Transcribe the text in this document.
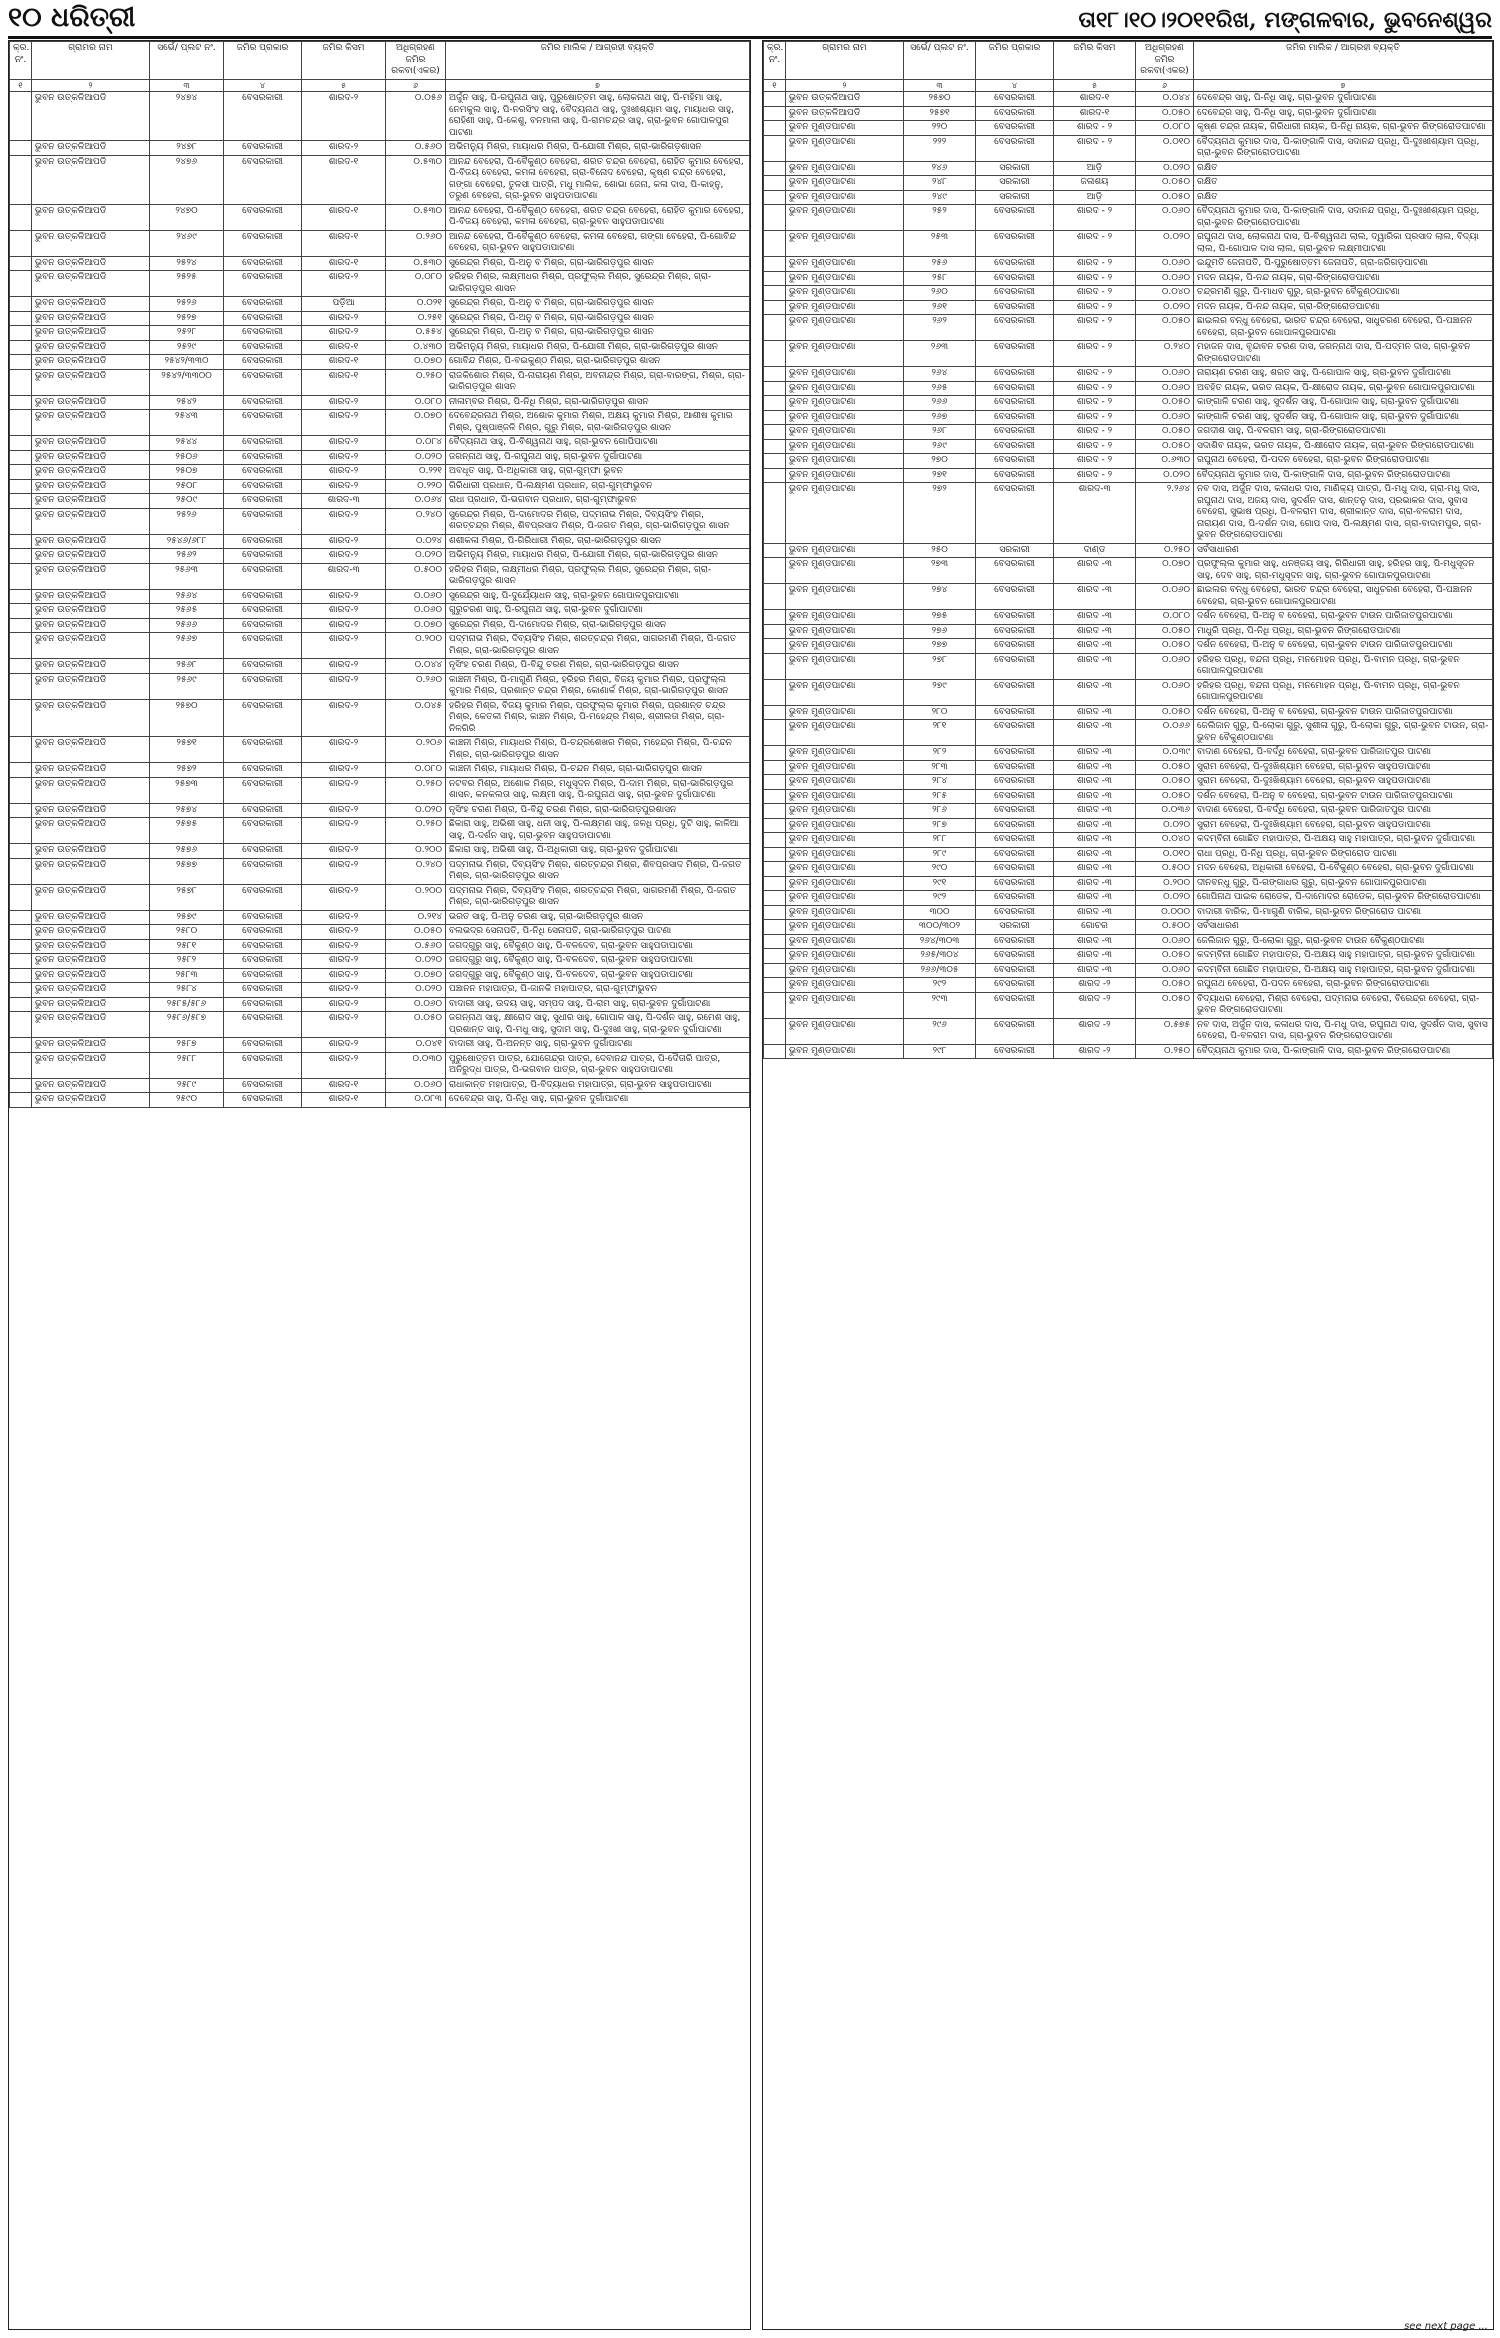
୧୦ ଧରିତ୍ରୀ	ତା୧୮।୧୦।୨୦୧୧ରିଖ, ମଙ୍ଗଳବାର, ଭୁବନେଶ୍ୱର
କ୍ର. ନଂ.	ଗ୍ରାମର ନାମ	ସର୍ଭେ/ ପ୍ଲଟ ନଂ.	ଜମିର ପ୍ରକାର	ଜମିର କିସମ	ଅଧିଗ୍ରହଣ ଜମିର ରକବା(ଏକର)	ଜମିର ମାଲିକ / ଆଗ୍ରହୀ ବ୍ୟକ୍ତି
୧	୨	୩	୪	୫	୬	୭
	ଭୁବନ ଉତ୍କଳିଆପଡି	୨୪୭୪	ବେସରକାରୀ	ଶାରଦ-୨	୦.୦୫୬	ଅର୍ଜୁନ ସାହୁ, ପି-ରଘୁନାଥ ସାହୁ, ପୁରୁଷୋତ୍ତମ ସାହୁ, ଲୋକନାଥ ସାହୁ, ପି-ମହିମା ସାହୁ, ନେମକୁଲ ସାହୁ, ପି-ନରସିଂହ ସାହୁ, ବୈଦ୍ୟନାଥ ସାହୁ, ଦୁଃଖୀଶ୍ୟାମ ସାହୁ, ମାୟାଧର ସାହୁ, ରୋହିଣୀ ସାହୁ, ପି-କେଶୁ, ବନମାଳୀ ସାହୁ, ପି-ରାମଚନ୍ଦ୍ର ସାହୁ, ଗ୍ରା-ଭୁବନ ଗୋପାଳପୁର ପାଟଣା
	ଭୁବନ ଉତ୍କଳିଆପଡି	୨୪୭୮	ବେସରକାରୀ	ଶାରଦ-୨	୦.୫୬୦	ଅଭିମନ୍ୟୁ ମିଶ୍ର, ମାୟାଧର ମିଶ୍ର, ପି-ଯୋଗୀ ମିଶ୍ର, ଗ୍ରା-ଭାରିଗଡ଼ଶାସନ
	ଭୁବନ ଉତ୍କଳିଆପଡି	୨୪୭୬	ବେସରକାରୀ	ଶାରଦ-୧	୦.୫୩୦	ଆନନ୍ଦ ବେହେରା, ପି-ବୈକୁଣ୍ଠ ବେହେରା, ଶରତ ଚନ୍ଦ୍ର ବେହେରା, ରୋହିତ କୁମାର ବେହେରା, ପି-ବିଜୟ ବେହେରା, କମଳା ବେହେରା, ଗ୍ରା-ବିନୋଦ ବେହେରା, କୃଷ୍ଣ ଚନ୍ଦ୍ର ବେହେରା, ଗଙ୍ଗା ବେହେରା, ତୁଳସୀ ପାତ୍ରି, ମଧୁ ମାଲିକ, ଶୋଭା ଜେନା, କଳା ଦାସ, ପି-କାହ୍ନୁ, ତରୁଣ ବେହେରା, ଗ୍ରା-ଭୁବନ ସାହୁପଡାପାଟଣା
	ଭୁବନ ଉତ୍କଳିଆପଡି	୨୪୭୦	ବେସରକାରୀ	ଶାରଦ-୧	୦.୫୩୦	ଆନନ୍ଦ ବେହେରା, ପି-ବୈକୁଣ୍ଠ ବେହେରା, ଶରତ ଚନ୍ଦ୍ର ବେହେରା, ରୋହିତ କୁମାର ବେହେରା, ପି-ବିଜୟ ବେହେରା, କମଳା ବେହେରା, ଗ୍ରା-ଭୁବନ ସାହୁପଡାପାଟଣା
	ଭୁବନ ଉତ୍କଳିଆପଡି	୨୪୬୯	ବେସରକାରୀ	ଶାରଦ-୧	୦.୨୬୦	ଆନନ୍ଦ ବେହେରା, ପି-ବୈକୁଣ୍ଠ ବେହେରା, କମଳା ବେହେରା, ଗଙ୍ଗା ବେହେରା, ପି-ଗୋବିନ୍ଦ ବେହେରା, ଗ୍ରା-ଭୁବନ ସାହୁପଡାପାଟଣା
	ଭୁବନ ଉତ୍କଳିଆପଡି	୨୫୨୪	ବେସରକାରୀ	ଶାରଦ-୧	୦.୫୩୦	ସୁରେନ୍ଦ୍ର ମିଶ୍ର, ପି-ଅନୁ ବ ମିଶ୍ର, ଗ୍ରା-ଭାରିଗଡ଼ପୁର ଶାସନ
	ଭୁବନ ଉତ୍କଳିଆପଡି	୨୫୨୫	ବେସରକାରୀ	ଶାରଦ-୨	୦.୦୮୦	ହରିହର ମିଶ୍ର, ଲକ୍ଷ୍ମୀଧର ମିଶ୍ର, ପ୍ରଫୁଲ୍ଲ ମିଶ୍ର, ସୁରେନ୍ଦ୍ର ମିଶ୍ର, ଗ୍ରା-ଭାରିଗଡ଼ପୁର ଶାସନ
	ଭୁବନ ଉତ୍କଳିଆପଡି	୨୫୨୬	ବେସରକାରୀ	ପଡ଼ିଆ	୦.୦୨୧	ସୁରେନ୍ଦ୍ର ମିଶ୍ର, ପି-ଅନୁ ବ ମିଶ୍ର, ଗ୍ରା-ଭାରିଗଡ଼ପୁର ଶାସନ
	ଭୁବନ ଉତ୍କଳିଆପଡି	୨୫୨୭	ବେସରକାରୀ	ଶାରଦ-୨	୦.୨୫୧	ସୁରେନ୍ଦ୍ର ମିଶ୍ର, ପି-ଅନୁ ବ ମିଶ୍ର, ଗ୍ରା-ଭାରିଗଡ଼ପୁର ଶାସନ
	ଭୁବନ ଉତ୍କଳିଆପଡି	୨୫୨୮	ବେସରକାରୀ	ଶାରଦ-୨	୦.୫୫୪	ସୁରେନ୍ଦ୍ର ମିଶ୍ର, ପି-ଅନୁ ବ ମିଶ୍ର, ଗ୍ରା-ଭାରିଗଡ଼ପୁର ଶାସନ
	ଭୁବନ ଉତ୍କଳିଆପଡି	୨୫୨୯	ବେସରକାରୀ	ଶାରଦ-୧	୦.୪୩୦	ଅଭିମନ୍ୟୁ ମିଶ୍ର, ମାୟାଧର ମିଶ୍ର, ପି-ଯୋଗୀ ମିଶ୍ର, ଗ୍ରା-ଭାରିଗଡ଼ପୁର ଶାସନ
	ଭୁବନ ଉତ୍କଳିଆପଡି	୨୫୪୨/୩୩୦	ବେସରକାରୀ	ଶାରଦ-୧	୦.୦୭୦	ଗୋବିନ୍ଦ ମିଶ୍ର, ପି-ବଇକୁଣ୍ଠ ମିଶ୍ର, ଗ୍ରା-ଭାରିଗଡ଼ପୁର ଶାସନ
	ଭୁବନ ଉତ୍କଳିଆପଡି	୨୫୪୨/୩୩୦୦	ବେସରକାରୀ	ଶାରଦ-୧	୦.୨୫୦	ରାଜକିଶୋର ମିଶ୍ର, ପି-ନାରାୟଣ ମିଶ୍ର, ଅବନୀନ୍ଦ୍ର ମିଶ୍ର, ଗ୍ରା-ବାରଙ୍ଗ, ମିଶ୍ର, ଗ୍ରା-ଭାରିଗଡ଼ପୁର ଶାସନ
	ଭୁବନ ଉତ୍କଳିଆପଡି	୨୫୪୨	ବେସରକାରୀ	ଶାରଦ-୨	୦.୦୮୦	ନୀଳାମ୍ବର ମିଶ୍ର, ପି-ନିଧି ମିଶ୍ର, ଗ୍ରା-ଭାରିଗଡ଼ପୁର ଶାସନ
	ଭୁବନ ଉତ୍କଳିଆପଡି	୨୫୪୩	ବେସରକାରୀ	ଶାରଦ-୨	୦.୦୭୦	ଦେବେନ୍ଦ୍ରନାଥ ମିଶ୍ର, ଅଶୋକ କୁମାର ମିଶ୍ର, ଅକ୍ଷୟ କୁମାର ମିଶ୍ର, ଆଶୀଷ କୁମାର ମିଶ୍ର, ପୁଷ୍ପାଞ୍ଜଳି ମିଶ୍ର, ଗୁରୁ ମିଶ୍ର, ଗ୍ରା-ଭାରିଗଡ଼ପୁର ଶାସନ
	ଭୁବନ ଉତ୍କଳିଆପଡି	୨୫୪୪	ବେସରକାରୀ	ଶାରଦ-୨	୦.୦୮୪	ବୈଦ୍ୟନାଥ ସାହୁ, ପି-ବିଶ୍ୱନାଥ ସାହୁ, ଗ୍ରା-ଭୁବନ ଗୋପିପାଟଣା
	ଭୁବନ ଉତ୍କଳିଆପଡି	୨୫୦୬	ବେସରକାରୀ	ଶାରଦ-୨	୦.୦୨୦	ଜଗନ୍ନାଥ ସାହୁ, ପି-ରଘୁନାଥ ସାହୁ, ଗ୍ରା-ଭୁବନ ଦୁର୍ଗାପାଟଣା
	ଭୁବନ ଉତ୍କଳିଆପଡି	୨୫୦୭	ବେସରକାରୀ	ଶାରଦ-୨	୦.୨୨୧	ଅବଧୂତ ସାହୁ, ପି-ଅଧିକାରୀ ସାହୁ, ଗ୍ରା-ଗୁମ୍ଫା ଭୁବନ
	ଭୁବନ ଉତ୍କଳିଆପଡି	୨୫୦୮	ବେସରକାରୀ	ଶାରଦ-୨	୦.୨୨୦	ଗିରିଧାରୀ ପ୍ରଧାନ, ପି-ଲକ୍ଷ୍ମଣ ପ୍ରଧାନ, ଗ୍ରା-ଗୁମ୍ଫାଭୁବନ
	ଭୁବନ ଉତ୍କଳିଆପଡି	୨୫୦୯	ବେସରକାରୀ	ଶାରଦ-୩	୦.୦୬୪	ରାଧା ପ୍ରଧାନ, ପି-ଭଗବାନ ପ୍ରଧାନ, ଗ୍ରା-ଗୁମ୍ଫାଭୁବନ
	ଭୁବନ ଉତ୍କଳିଆପଡି	୨୫୨୬	ବେସରକାରୀ	ଶାରଦ-୨	୦.୨୪୦	ସୁରେନ୍ଦ୍ର ମିଶ୍ର, ପି-ଦାମୋଦର ମିଶ୍ର, ପଦ୍ମନାଭ ମିଶ୍ର, ଦିବ୍ୟସିଂହ ମିଶ୍ର, ଶରତ୍ଚନ୍ଦ୍ର ମିଶ୍ର, ଶିବପ୍ରସାଦ ମିଶ୍ର, ପି-ଜଗତ ମିଶ୍ର, ଗ୍ରା-ଭାରିଗଡ଼ପୁର ଶାସନ
	ଭୁବନ ଉତ୍କଳିଆପଡି	୨୫୪୬/୬୮୮	ବେସରକାରୀ	ଶାରଦ-୨	୦.୦୨୪	ଶଶୀକଳା ମିଶ୍ର, ପି-ଗିରିଧାରୀ ମିଶ୍ର, ଗ୍ରା-ଭାରିଗଡ଼ପୁର ଶାସନ
	ଭୁବନ ଉତ୍କଳିଆପଡି	୨୫୬୨	ବେସରକାରୀ	ଶାରଦ-୨	୦.୦୨୦	ଅଭିମନ୍ୟୁ ମିଶ୍ର, ମାୟାଧର ମିଶ୍ର, ପି-ଯୋଗୀ ମିଶ୍ର, ଗ୍ରା-ଭାରିଗଡ଼ପୁର ଶାସନ
	ଭୁବନ ଉତ୍କଳିଆପଡି	୨୫୬୩	ବେସରକାରୀ	ଶାରଦ-୩	୦.୫୦୦	ହରିହର ମିଶ୍ର, ଲକ୍ଷ୍ମୀଧର ମିଶ୍ର, ପ୍ରଫୁଲ୍ଲ ମିଶ୍ର, ସୁରେନ୍ଦ୍ର ମିଶ୍ର, ଗ୍ରା-ଭାରିଗଡ଼ପୁର ଶାସନ
	ଭୁବନ ଉତ୍କଳିଆପଡି	୨୫୬୪	ବେସରକାରୀ	ଶାରଦ-୨	୦.୦୬୦	ସୁରେନ୍ଦ୍ର ସାହୁ, ପି-ଦୁର୍ଯ୍ୟୋଧନ ସାହୁ, ଗ୍ରା-ଭୁବନ ଗୋପାଳପୁରପାଟଣା
	ଭୁବନ ଉତ୍କଳିଆପଡି	୨୫୬୫	ବେସରକାରୀ	ଶାରଦ-୨	୦.୦୬୦	ଗୁରୁଚରଣ ସାହୁ, ପି-ରଘୁନାଥ ସାହୁ, ଗ୍ରା-ଭୁବନ ଦୁର୍ଗାପାଟଣା
	ଭୁବନ ଉତ୍କଳିଆପଡି	୨୫୬୬	ବେସରକାରୀ	ଶାରଦ-୨	୦.୦୭୦	ସୁରେନ୍ଦ୍ର ମିଶ୍ର, ପି-ଦାମୋଦର ମିଶ୍ର, ଗ୍ରା-ଭାରିଗଡ଼ପୁର ଶାସନ
	ଭୁବନ ଉତ୍କଳିଆପଡି	୨୫୬୭	ବେସରକାରୀ	ଶାରଦ-୨	୦.୨୦୦	ପଦ୍ମନାଭ ମିଶ୍ର, ଦିବ୍ୟସିଂହ ମିଶ୍ର, ଶରତ୍ଚନ୍ଦ୍ର ମିଶ୍ର, ସାଗରମଣି ମିଶ୍ର, ପି-ଜଗତ ମିଶ୍ର, ଗ୍ରା-ଭାରିଗଡ଼ପୁର ଶାସନ
	ଭୁବନ ଉତ୍କଳିଆପଡି	୨୫୬୮	ବେସରକାରୀ	ଶାରଦ-୨	୦.୦୪୪	ନୃସିଂହ ଚରଣ ମିଶ୍ର, ପି-ବିନ୍ଦୁ ଚରଣ ମିଶ୍ର, ଗ୍ରା-ଭାରିଗଡ଼ପୁର ଶାସନ
	ଭୁବନ ଉତ୍କଳିଆପଡି	୨୫୬୯	ବେସରକାରୀ	ଶାରଦ-୨	୦.୨୬୦	କାଞ୍ଚନୀ ମିଶ୍ର, ପି-ମାଗୁଣି ମିଶ୍ର, ହରିହର ମିଶ୍ର, ବିଜୟ କୁମାର ମିଶ୍ର, ପ୍ରଫୁଲ୍ଲ କୁମାର ମିଶ୍ର, ପ୍ରଶାନ୍ତ ଚନ୍ଦ୍ର ମିଶ୍ର, କୋଣାର୍କ ମିଶ୍ର, ଗ୍ରା-ଭାରିଗଡ଼ପୁର ଶାସନ
	ଭୁବନ ଉତ୍କଳିଆପଡି	୨୫୭୦	ବେସରକାରୀ	ଶାରଦ-୨	୦.୦୪୫	ହରିହର ମିଶ୍ର, ବିଜୟ କୁମାର ମିଶ୍ର, ପ୍ରଫୁଲ୍ଲ କୁମାର ମିଶ୍ର, ପ୍ରଶାନ୍ତ ଚନ୍ଦ୍ର ମିଶ୍ର, କେତକୀ ମିଶ୍ର, କାଞ୍ଚନ ମିଶ୍ର, ପି-ମହେନ୍ଦ୍ର ମିଶ୍ର, ଶ୍ରୀଲତା ମିଶ୍ର, ଗ୍ରା-ନିଳଗିରି
	ଭୁବନ ଉତ୍କଳିଆପଡି	୨୫୭୧	ବେସରକାରୀ	ଶାରଦ-୨	୦.୨୦୬	କାଞ୍ଚନୀ ମିଶ୍ର, ମାୟାଧର ମିଶ୍ର, ପି-ଚନ୍ଦ୍ରଶେଖର ମିଶ୍ର, ମହେନ୍ଦ୍ର ମିଶ୍ର, ପି-ଚନ୍ଦନ ମିଶ୍ର, ଗ୍ରା-ଭାରିଗଡ଼ପୁର ଶାସନ
	ଭୁବନ ଉତ୍କଳିଆପଡି	୨୫୭୨	ବେସରକାରୀ	ଶାରଦ-୨	୦.୦୮୦	କାଞ୍ଚନୀ ମିଶ୍ର, ମାୟାଧର ମିଶ୍ର, ପି-ଚନ୍ଦନ ମିଶ୍ର, ଗ୍ରା-ଭାରିଗଡ଼ପୁର ଶାସନ
	ଭୁବନ ଉତ୍କଳିଆପଡି	୨୫୭୩	ବେସରକାରୀ	ଶାରଦ-୨	୦.୨୫୦	ନଟବର ମିଶ୍ର, ଅଶୋକ ମିଶ୍ର, ମଧୁସୂଦନ ମିଶ୍ର, ପି-ଦାମ ମିଶ୍ର, ଗ୍ରା-ଭାରିଗଡ଼ପୁର ଶାସନ, କନକଲତା ସାହୁ, ଲକ୍ଷ୍ମୀ ସାହୁ, ପି-ରଘୁନାଥ ସାହୁ, ଗ୍ରା-ଭୁବନ ଦୁର୍ଗାପାଟଣା
	ଭୁବନ ଉତ୍କଳିଆପଡି	୨୫୭୪	ବେସରକାରୀ	ଶାରଦ-୨	୦.୦୨୦	ନୃସିଂହ ଚରଣ ମିଶ୍ର, ପି-ବିନ୍ଦୁ ଚରଣ ମିଶ୍ର, ଗ୍ରା-ଭାରିଗଡ଼ପୁରଶାସନ
	ଭୁବନ ଉତ୍କଳିଆପଡି	୨୫୭୫	ବେସରକାରୀ	ଶାରଦ-୨	୦.୨୫୦	ଛିକାରା ସାହୁ, ଅଭିଶୀ ସାହୁ, ଧନୀ ସାହୁ, ପି-ଲକ୍ଷ୍ମଣ ସାହୁ, ଜଳଧି ପ୍ରଧି, ଦୁଟି ସାହୁ, କାଳିଆ ସାହୁ, ପି-ଦର୍ଶନ ସାହୁ, ଗ୍ରା-ଭୁବନ ସାହୁପଡାପାଟଣା
	ଭୁବନ ଉତ୍କଳିଆପଡି	୨୫୭୬	ବେସରକାରୀ	ଶାରଦ-୨	୦.୨୦୦	ଛିକାରା ସାହୁ, ଅଭିଶୀ ସାହୁ, ପି-ଅଧିକାରୀ ସାହୁ, ଗ୍ରା-ଭୁବନ ଦୁର୍ଗାପାଟଣା
	ଭୁବନ ଉତ୍କଳିଆପଡି	୨୫୭୭	ବେସରକାରୀ	ଶାରଦ-୨	୦.୨୪୦	ପଦ୍ମନାଭ ମିଶ୍ର, ଦିବ୍ୟସିଂହ ମିଶ୍ର, ଶରତ୍ଚନ୍ଦ୍ର ମିଶ୍ର, ଶିବପ୍ରସାଦ ମିଶ୍ର, ପି-ଜଗତ ମିଶ୍ର, ଗ୍ରା-ଭାରିଗଡ଼ପୁର ଶାସନ
	ଭୁବନ ଉତ୍କଳିଆପଡି	୨୫୭୮	ବେସରକାରୀ	ଶାରଦ-୨	୦.୨୦୦	ପଦ୍ମନାଭ ମିଶ୍ର, ଦିବ୍ୟସିଂହ ମିଶ୍ର, ଶରତ୍ଚନ୍ଦ୍ର ମିଶ୍ର, ସାଗରମଣି ମିଶ୍ର, ପି-ଜଗତ ମିଶ୍ର, ଗ୍ରା-ଭାରିଗଡ଼ପୁର ଶାସନ
	ଭୁବନ ଉତ୍କଳିଆପଡି	୨୫୭୯	ବେସରକାରୀ	ଶାରଦ-୨	୦.୨୧୪	ଭରତ ସାହୁ, ପି-ଅନୁ ଚରଣ ସାହୁ, ଗ୍ରା-ଭାରିଗଡ଼ପୁର ଶାସନ
	ଭୁବନ ଉତ୍କଳିଆପଡି	୨୫୮୦	ବେସରକାରୀ	ଶାରଦ-୨	୦.୦୫୦	ବଲଭଦ୍ର ସେନାପତି, ପି-ନିଧି ସେନାପତି, ଗ୍ରା-ଭାରିଗଡ଼ପୁର ପାଟଣା
	ଭୁବନ ଉତ୍କଳିଆପଡି	୨୫୮୧	ବେସରକାରୀ	ଶାରଦ-୨	୦.୫୬୦	ଜଗଦ୍ଗୁରୁ ସାହୁ, ବୈକୁଣ୍ଠ ସାହୁ, ପି-ବଳଦେବ, ଗ୍ରା-ଭୁବନ ସାହୁପଡାପାଟଣା
	ଭୁବନ ଉତ୍କଳିଆପଡି	୨୫୮୨	ବେସରକାରୀ	ଶାରଦ-୨	୦.୦୨୦	ଜଗଦ୍ଗୁରୁ ସାହୁ, ବୈକୁଣ୍ଠ ସାହୁ, ପି-ବଳଦେବ, ଗ୍ରା-ଭୁବନ ସାହୁପଡାପାଟଣା
	ଭୁବନ ଉତ୍କଳିଆପଡି	୨୫୮୩	ବେସରକାରୀ	ଶାରଦ-୨	୦.୦୭୦	ଜଗଦ୍ଗୁରୁ ସାହୁ, ବୈକୁଣ୍ଠ ସାହୁ, ପି-ବଳଦେବ, ଗ୍ରା-ଭୁବନ ସାହୁପଡାପାଟଣା
	ଭୁବନ ଉତ୍କଳିଆପଡି	୨୫୮୪	ବେସରକାରୀ	ଶାରଦ-୨	୦.୦୨୦	ପଞ୍ଚାନନ ମହାପାତ୍ର, ପି-ଜାନକି ମହାପାତ୍ର, ଗ୍ରା-ଗୁମ୍ଫାଭୁବନ
	ଭୁବନ ଉତ୍କଳିଆପଡି	୨୫୮୫/୫୮୬	ବେସରକାରୀ	ଶାରଦ-୨	୦.୦୬୦	ବାଦାରୀ ସାହୁ, ଉଦୟ ସାହୁ, ସମ୍ପଦ ସାହୁ, ପି-ରାମ ସାହୁ, ଗ୍ରା-ଭୁବନ ଦୁର୍ଗାପାଟଣା
	ଭୁବନ ଉତ୍କଳିଆପଡି	୨୫୮୬/୫୮୭	ବେସରକାରୀ	ଶାରଦ-୨	୦.୦୫୦	ଜଗନ୍ନାଥ ସାହୁ, କ୍ଷୀରୋଦ ସାହୁ, ସୁଧୀର ସାହୁ, ଗୋପାଳ ସାହୁ, ପି-ଦର୍ଶନ ସାହୁ, ରମେଶ ସାହୁ, ପ୍ରଶାନ୍ତ ସାହୁ, ପି-ମଧୁ ସାହୁ, ସୁଦାମ ସାହୁ, ପି-ଦୁଃଖୀ ସାହୁ, ଗ୍ରା-ଭୁବନ ଦୁର୍ଗାପାଟଣା
	ଭୁବନ ଉତ୍କଳିଆପଡି	୨୫୮୭	ବେସରକାରୀ	ଶାରଦ-୨	୦.୦୪୧	ବାଦାରୀ ସାହୁ, ପି-ଅନନ୍ତ ସାହୁ, ଗ୍ରା-ଭୁବନ ଦୁର୍ଗାପାଟଣା
	ଭୁବନ ଉତ୍କଳିଆପଡି	୨୫୮୮	ବେସରକାରୀ	ଶାରଦ-୨	୦.୦୩୦	ପୁରୁଷୋତ୍ତମ ପାତ୍ର, ଯୋଗେନ୍ଦ୍ର ପାତ୍ର, ଦେବାନନ୍ଦ ପାତ୍ର, ପି-ଦୈତାରି ପାତ୍ର, ଅନିରୁଦ୍ଧ ପାତ୍ର, ପି-ଭଗବାନ ପାତ୍ର, ଗ୍ରା-ଭୁବନ ସାହୁପଡାପାଟଣା
	ଭୁବନ ଉତ୍କଳିଆପଡି	୨୫୮୯	ବେସରକାରୀ	ଶାରଦ-୧	୦.୦୬୦	ରାଧାକାନ୍ତ ମହାପାତ୍ର, ପି-ବିଦ୍ୟାଧର ମହାପାତ୍ର, ଗ୍ରା-ଭୁବନ ସାହୁପଡାପାଟଣା
	ଭୁବନ ଉତ୍କଳିଆପଡି	୨୫୯୦	ବେସରକାରୀ	ଶାରଦ-୧	୦.୦୮୩	ଦେବେନ୍ଦ୍ର ସାହୁ, ପି-ନିଧି ସାହୁ, ଗ୍ରା-ଭୁବନ ଦୁର୍ଗାପାଟଣା
କ୍ର. ନଂ.	ଗ୍ରାମର ନାମ	ସର୍ଭେ/ ପ୍ଲଟ ନଂ.	ଜମିର ପ୍ରକାର	ଜମିର କିସମ	ଅଧିଗ୍ରହଣ ଜମିର ରକବା(ଏକର)	ଜମିର ମାଲିକ / ଆଗ୍ରହୀ ବ୍ୟକ୍ତି
୧	୨	୩	୪	୫	୬	୭
	ଭୁବନ ଉତ୍କଳିଆପଡି	୨୫୭୦	ବେସରକାରୀ	ଶାରଦ-୧	୦.୦୪୪	ଦେବେନ୍ଦ୍ର ସାହୁ, ପି-ନିଧି ସାହୁ, ଗ୍ରା-ଭୁବନ ଦୁର୍ଗାପାଟଣା
	ଭୁବନ ଉତ୍କଳିଆପଡି	୨୫୭୧	ବେସରକାରୀ	ଶାରଦ-୧	୦.୦୫୦	ଦେବେନ୍ଦ୍ର ସାହୁ, ପି-ନିଧି ସାହୁ, ଗ୍ରା-ଭୁବନ ଦୁର୍ଗାପାଟଣା
	ଭୁବନ ମୁଣ୍ଡପାଟଣା	୨୨୦	ବେସରକାରୀ	ଶାରଦ - ୨	୦.୦୮୦	କୃଷ୍ଣ ଚନ୍ଦ୍ର ନାୟକ, ଗିରିଧାରୀ ନାୟକ, ପି-ନିଧି ନାୟକ, ଗ୍ରା-ଭୁବନ ରିଙ୍ଗରୋଡପାଟଣା
	ଭୁବନ ମୁଣ୍ଡପାଟଣା	୨୨୨	ବେସରକାରୀ	ଶାରଦ - ୨	୦.୦୧୦	ବୈଦ୍ୟନାଥ କୁମାର ଦାସ, ପି-କାଙ୍ଗାଳି ଦାସ, ସଦାନନ୍ଦ ପ୍ରଧି, ପି-ଦୁଃଖୀଶ୍ୟାମ ପ୍ରଧି, ଗ୍ରା-ଭୁବନ ରିଙ୍ଗରୋଡପାଟଣା
	ଭୁବନ ମୁଣ୍ଡପାଟଣା	୨୪୬	ସରକାରୀ	ଆଡ଼ି	୦.୦୨୦	ରକ୍ଷିତ
	ଭୁବନ ମୁଣ୍ଡପାଟଣା	୨୪୮	ସରକାରୀ	ଜଳାଶୟ	୦.୦୫୦	ରକ୍ଷିତ
	ଭୁବନ ମୁଣ୍ଡପାଟଣା	୨୪୯	ସରକାରୀ	ଆଡ଼ି	୦.୦୫୦	ରକ୍ଷିତ
	ଭୁବନ ମୁଣ୍ଡପାଟଣା	୨୫୨	ବେସରକାରୀ	ଶାରଦ - ୨	୦.୦୬୦	ବୈଦ୍ୟନାଥ କୁମାର ଦାସ, ପି-କାଙ୍ଗାଳି ଦାସ, ସଦାନନ୍ଦ ପ୍ରଧି, ପି-ଦୁଃଖୀଶ୍ୟାମ ପ୍ରଧି, ଗ୍ରା-ଭୁବନ ରିଙ୍ଗରୋଡପାଟଣା
	ଭୁବନ ମୁଣ୍ଡପାଟଣା	୨୫୩	ବେସରକାରୀ	ଶାରଦ - ୨	୦.୦୨୦	ରଘୁନାଥ ଦାସ, ଲୋକନାଥ ଦାସ, ପି-ବିଶ୍ୱନାଥ ଲାଲ, ଦ୍ୱାରିକା ପ୍ରସାଦ ଲାଲ, ବିଦ୍ୟା ଲାଲ, ପି-ଗୋପାଳ ଦାସ ଲାଲ, ଗ୍ରା-ଭୁବନ ଲକ୍ଷ୍ମୀପାଟଣା
	ଭୁବନ ମୁଣ୍ଡପାଟଣା	୨୫୬	ବେସରକାରୀ	ଶାରଦ - ୨	୦.୦୬୦	ଇନ୍ଦୁମତି ଜେନାପତି, ପି-ପୁରୁଷୋତ୍ତମ ଜେନାପତି, ଗ୍ରା-ଜରିଗଡ଼ପାଟଣା
	ଭୁବନ ମୁଣ୍ଡପାଟଣା	୨୫୮	ବେସରକାରୀ	ଶାରଦ - ୨	୦.୦୬୦	ମଦନ ନାୟକ, ପି-ନନ୍ଦ ନାୟକ, ଗ୍ରା-ରିଙ୍ଗରୋଡପାଟଣା
	ଭୁବନ ମୁଣ୍ଡପାଟଣା	୨୬୦	ବେସରକାରୀ	ଶାରଦ - ୨	୦.୦୪୦	ଚନ୍ଦ୍ରମଣି ଗୁରୁ, ପି-ମାଧବ ଗୁରୁ, ଗ୍ରା-ଭୁବନ ବୈକୁଣ୍ଠପାଟଣା
	ଭୁବନ ମୁଣ୍ଡପାଟଣା	୨୬୧	ବେସରକାରୀ	ଶାରଦ - ୨	୦.୦୨୦	ମଦନ ନାୟକ, ପି-ନନ୍ଦ ନାୟକ, ଗ୍ରା-ରିଙ୍ଗରୋଡପାଟଣା
	ଭୁବନ ମୁଣ୍ଡପାଟଣା	୨୬୨	ବେସରକାରୀ	ଶାରଦ - ୨	୦.୦୫୦	ଛାଇଲର ବନ୍ଧୁ ବେହେରା, ଭାରତ ଚନ୍ଦ୍ର ବେହେରା, ସାଧୁଚରଣ ବେହେରା, ପି-ପଞ୍ଚାନନ ବେହେରା, ଗ୍ରା-ଭୁବନ ଗୋପାଳପୁରପାଟଣା
	ଭୁବନ ମୁଣ୍ଡପାଟଣା	୨୬୩	ବେସରକାରୀ	ଶାରଦ - ୨	୦.୨୪୦	ମହାଜନ ଦାସ, ବୃନ୍ଦାବନ ଚରଣ ଦାସ, ଜଗନ୍ନାଥ ଦାସ, ପି-ପଦ୍ମନ ଦାସ, ଗ୍ରା-ଭୁବନ ରିଙ୍ଗରୋଡପାଟଣା
	ଭୁବନ ମୁଣ୍ଡପାଟଣା	୨୬୪	ବେସରକାରୀ	ଶାରଦ - ୨	୦.୦୬୦	ନାରାୟଣ ଚରଣ ସାହୁ, ଶରତ ସାହୁ, ପି-ଗୋପାଳ ସାହୁ, ଗ୍ରା-ଭୁବନ ଦୁର୍ଗାପାଟଣା
	ଭୁବନ ମୁଣ୍ଡପାଟଣା	୨୬୫	ବେସରକାରୀ	ଶାରଦ - ୨	୦.୦୬୦	ଅବହିତ ନାୟକ, ଭରତ ନାୟକ, ପି-କ୍ଷୀରୋଦ ନାୟକ, ଗ୍ରା-ଭୁବନ ଗୋପାଳପୁରପାଟଣା
	ଭୁବନ ମୁଣ୍ଡପାଟଣା	୨୬୬	ବେସରକାରୀ	ଶାରଦ - ୨	୦.୦୫୦	କାଙ୍ଗାଳି ଚରଣ ସାହୁ, ସୁଦର୍ଶନ ସାହୁ, ପି-ଗୋପାଳ ସାହୁ, ଗ୍ରା-ଭୁବନ ଦୁର୍ଗାପାଟଣା
	ଭୁବନ ମୁଣ୍ଡପାଟଣା	୨୬୭	ବେସରକାରୀ	ଶାରଦ - ୨	୦.୦୬୦	କାଙ୍ଗାଳି ଚରଣ ସାହୁ, ସୁଦର୍ଶନ ସାହୁ, ପି-ଗୋପାଳ ସାହୁ, ଗ୍ରା-ଭୁବନ ଦୁର୍ଗାପାଟଣା
	ଭୁବନ ମୁଣ୍ଡପାଟଣା	୨୬୮	ବେସରକାରୀ	ଶାରଦ - ୨	୦.୦୫୦	ଜଗଦୀଶ ସାହୁ, ପି-ବଳରାମ ସାହୁ, ଗ୍ରା-ରିଙ୍ଗରୋଡପାଟଣା
	ଭୁବନ ମୁଣ୍ଡପାଟଣା	୨୬୯	ବେସରକାରୀ	ଶାରଦ - ୨	୦.୦୫୦	ସଦାଶିବ ନାୟକ, ଭରତ ନାୟକ, ପି-କ୍ଷୀରୋଦ ନାୟକ, ଗ୍ରା-ଭୁବନ ରିଙ୍ଗରୋଡପାଟଣା
	ଭୁବନ ମୁଣ୍ଡପାଟଣା	୨୭୦	ବେସରକାରୀ	ଶାରଦ - ୨	୦.୬୩୦	ରଘୁନାଥ ବେହେରା, ପି-ପଦନ ବେହେରା, ଗ୍ରା-ଭୁବନ ରିଙ୍ଗରୋଡପାଟଣା
	ଭୁବନ ମୁଣ୍ଡପାଟଣା	୨୭୧	ବେସରକାରୀ	ଶାରଦ - ୨	୦.୦୨୦	ବୈଦ୍ୟନାଥ କୁମାର ଦାସ, ପି-କାଙ୍ଗାଳି ଦାସ, ଗ୍ରା-ଭୁବନ ରିଙ୍ଗରୋଡପାଟଣା
	ଭୁବନ ମୁଣ୍ଡପାଟଣା	୨୭୨	ବେସରକାରୀ	ଶାରଦ-୩	୨.୨୬୪	ନବ ଦାସ, ଅର୍ଜୁନ ଦାସ, କଳାଧର ଦାସ, ମାଣିକ୍ୟ ପାତ୍ର, ପି-ମଧୁ ଦାସ, ଗ୍ରା-ମଧୁ ଦାସ, ରଘୁନାଥ ଦାସ, ଅଜୟ ଦାସ, ସୁଦର୍ଶନ ଦାସ, ଶାନ୍ତନୁ ଦାସ, ପ୍ରଭାକର ଦାସ, ସୁବାସ ବେହେରା, ସୁଭାଷ ପ୍ରଧି, ପି-ବଳରାମ ଦାସ, ଶ୍ରୀକାନ୍ତ ଦାସ, ଗ୍ରା-ବଳରାମ ଦାସ, ନାରାୟଣ ଦାସ, ପି-ଦର୍ଶନ ଦାସ, ଗୋପ ଦାସ, ପି-ଲକ୍ଷ୍ମଣ ଦାସ, ଗ୍ରା-ବାଦାମପୁର, ଗ୍ରା-ଭୁବନ ରିଙ୍ଗରୋଡପାଟଣା
	ଭୁବନ ମୁଣ୍ଡପାଟଣା	୨୫୦	ସରକାରୀ	ଦାଣ୍ଡ	୦.୨୫୦	ସର୍ବସାଧାରଣ
	ଭୁବନ ମୁଣ୍ଡପାଟଣା	୨୭୩	ବେସରକାରୀ	ଶାରଦ -୩	୦.୦୭୦	ପ୍ରଫୁଲ୍ଲ କୁମାର ସାହୁ, ଧନଞ୍ଜୟ ସାହୁ, ଗିରିଧାରୀ ସାହୁ, ହରିହର ସାହୁ, ପି-ମଧୁସୂଦନ ସାହୁ, ଦେବ ସାହୁ, ଗ୍ରା-ମଧୁସୂଦନ ସାହୁ, ଗ୍ରା-ଭୁବନ ଗୋପାଳପୁରପାଟଣା
	ଭୁବନ ମୁଣ୍ଡପାଟଣା	୨୭୪	ବେସରକାରୀ	ଶାରଦ -୩	୦.୦୬୦	ଛାଇଲର ବନ୍ଧୁ ବେହେରା, ଭାରତ ଚନ୍ଦ୍ର ବେହେରା, ସାଧୁଚରଣ ବେହେରା, ପି-ପଞ୍ଚାନନ ବେହେରା, ଗ୍ରା-ଭୁବନ ଗୋପାଳପୁରପାଟଣା
	ଭୁବନ ମୁଣ୍ଡପାଟଣା	୨୭୫	ବେସରକାରୀ	ଶାରଦ -୩	୦.୦୮୦	ଦର୍ଶନ ବେହେରା, ପି-ଅନୁ ବ ବେହେରା, ଗ୍ରା-ଭୁବନ ଟାଉନ ପାରିଜାତପୁରପାଟଣା
	ଭୁବନ ମୁଣ୍ଡପାଟଣା	୨୭୬	ବେସରକାରୀ	ଶାରଦ -୩	୦.୦୫୦	ମାଧୁରି ପ୍ରଧି, ପି-ନିଧି ପ୍ରଧି, ଗ୍ରା-ଭୁବନ ରିଙ୍ଗରୋଡପାଟଣା
	ଭୁବନ ମୁଣ୍ଡପାଟଣା	୨୭୭	ବେସରକାରୀ	ଶାରଦ -୩	୦.୦୫୦	ଦର୍ଶନ ବେହେରା, ପି-ଅନୁ ବ ବେହେରା, ଗ୍ରା-ଭୁବନ ଟାଉନ ପାରିଜାତପୁରପାଟଣା
	ଭୁବନ ମୁଣ୍ଡପାଟଣା	୨୭୮	ବେସରକାରୀ	ଶାରଦ -୩	୦.୦୬୦	ହରିହର ପ୍ରଧି, ବନ୍ଦନା ପ୍ରଧି, ମନମୋହନ ପ୍ରଧି, ପି-ବାମନ ପ୍ରଧି, ଗ୍ରା-ଭୁବନ ଗୋପାଳପୁରପାଟଣା
	ଭୁବନ ମୁଣ୍ଡପାଟଣା	୨୭୯	ବେସରକାରୀ	ଶାରଦ -୩	୦.୦୬୦	ହରିହର ପ୍ରଧି, ବନ୍ଦନା ପ୍ରଧି, ମନମୋହନ ପ୍ରଧି, ପି-ବାମନ ପ୍ରଧି, ଗ୍ରା-ଭୁବନ ଗୋପାଳପୁରପାଟଣା
	ଭୁବନ ମୁଣ୍ଡପାଟଣା	୨୮୦	ବେସରକାରୀ	ଶାରଦ -୩	୦.୦୫୦	ଦର୍ଶନ ବେହେରା, ପି-ଅନୁ ବ ବେହେରା, ଗ୍ରା-ଭୁବନ ଟାଉନ ପାରିଜାତପୁରପାଟଣା
	ଭୁବନ ମୁଣ୍ଡପାଟଣା	୨୮୧	ବେସରକାରୀ	ଶାରଦ -୩	୦.୦୬୬	ଜେଲିଜାନ ଗୁରୁ, ପି-ଲୋକା ଗୁରୁ, ସୁଶୀଳା ଗୁରୁ, ପି-ଲୋକା ଗୁରୁ, ଗ୍ରା-ଭୁବନ ଟାଉନ, ଗ୍ରା-ଭୁବନ ବୈକୁଣ୍ଠପାଟଣା
	ଭୁବନ ମୁଣ୍ଡପାଟଣା	୨୮୨	ବେସରକାରୀ	ଶାରଦ -୩	୦.୦୩୯	ବାଦାଣ ବେହେରା, ପି-ବର୍ଦ୍ଧି ବେହେରା, ଗ୍ରା-ଭୁବନ ପାରିଜାତପୁର ପାଟଣା
	ଭୁବନ ମୁଣ୍ଡପାଟଣା	୨୮୩	ବେସରକାରୀ	ଶାରଦ -୩	୦.୦୫୦	ସୁରାମ ବେହେରା, ପି-ଦୁଃଖିଶ୍ୟାମ ବେହେରା, ଗ୍ରା-ଭୁବନ ସାହୁପଡାପାଟଣା
	ଭୁବନ ମୁଣ୍ଡପାଟଣା	୨୮୪	ବେସରକାରୀ	ଶାରଦ -୩	୦.୦୫୦	ସୁରାମ ବେହେରା, ପି-ଦୁଃଖିଶ୍ୟାମ ବେହେରା, ଗ୍ରା-ଭୁବନ ସାହୁପଡାପାଟଣା
	ଭୁବନ ମୁଣ୍ଡପାଟଣା	୨୮୫	ବେସରକାରୀ	ଶାରଦ -୩	୦.୦୫୦	ଦର୍ଶନ ବେହେରା, ପି-ଅନୁ ବ ବେହେରା, ଗ୍ରା-ଭୁବନ ଟାଉନ ପାରିଜାତପୁରପାଟଣା
	ଭୁବନ ମୁଣ୍ଡପାଟଣା	୨୮୬	ବେସରକାରୀ	ଶାରଦ -୩	୦.୦୩୬	ବାଦାଣ ବେହେରା, ପି-ବର୍ଦ୍ଧି ବେହେରା, ଗ୍ରା-ଭୁବନ ପାରିଜାତପୁର ପାଟଣା
	ଭୁବନ ମୁଣ୍ଡପାଟଣା	୨୮୭	ବେସରକାରୀ	ଶାରଦ -୩	୦.୦୨୦	ସୁରାମ ବେହେରା, ପି-ଦୁଃଖିଶ୍ୟାମ ବେହେରା, ଗ୍ରା-ଭୁବନ ସାହୁପଡାପାଟଣା
	ଭୁବନ ମୁଣ୍ଡପାଟଣା	୨୮୮	ବେସରକାରୀ	ଶାରଦ -୩	୦.୦୪୦	କଦମ୍ବିନୀ ଗୋଛିତ ମହାପାତ୍ର, ପି-ଅକ୍ଷୟ ସାହୁ ମହାପାତ୍ର, ଗ୍ରା-ଭୁବନ ଦୁର୍ଗାପାଟଣା
	ଭୁବନ ମୁଣ୍ଡପାଟଣା	୨୮୯	ବେସରକାରୀ	ଶାରଦ -୩	୦.୦୧୦	ରାଧା ପ୍ରଧି, ପି-ନିଧି ପ୍ରଧି, ଗ୍ରା-ଭୁବନ ରିଙ୍ଗରୋଡ ପାଟଣା
	ଭୁବନ ମୁଣ୍ଡପାଟଣା	୨୯୦	ବେସରକାରୀ	ଶାରଦ -୩	୦.୫୦୦	ମଦନ ବେହେରା, ଅଧିକାରୀ ବେହେରା, ପି-ବୈକୁଣ୍ଠ ବେହେରା, ଗ୍ରା-ଭୁବନ ଦୁର୍ଗାପାଟଣା
	ଭୁବନ ମୁଣ୍ଡପାଟଣା	୨୯୧	ବେସରକାରୀ	ଶାରଦ -୩	୦.୨୦୦	ଦୀନବନ୍ଧୁ ଗୁରୁ, ପି-ଗଙ୍ଗାଧର ଗୁରୁ, ଗ୍ରା-ଭୁବନ ଗୋପାଳପୁରପାଟଣା
	ଭୁବନ ମୁଣ୍ଡପାଟଣା	୨୯୨	ବେସରକାରୀ	ଶାରଦ -୩	୦.୦୨୦	ଗୋପିନାଥ ପାଇକ ରୋଡେକ, ପି-ଦାମୋଦର ରୋଡେକ, ଗ୍ରା-ଭୁବନ ରିଙ୍ଗରୋଡପାଟଣା
	ଭୁବନ ମୁଣ୍ଡପାଟଣା	୩୦୦	ବେସରକାରୀ	ଶାରଦ -୩	୦.୦୦୦	ବାଦାରୀ ବାରିକ, ପି-ମାଗୁଣି ବାରିକ, ଗ୍ରା-ଭୁବନ ରିଙ୍ଗରୋଡ ପାଟଣା
	ଭୁବନ ମୁଣ୍ଡପାଟଣା	୩୦୦/୩୦୨	ସରକାରୀ	ଗୋଚର	୦.୫୦୦	ସର୍ବସାଧାରଣ
	ଭୁବନ ମୁଣ୍ଡପାଟଣା	୨୬୪/୩୦୩	ବେସରକାରୀ	ଶାରଦ -୩	୦.୦୬୦	ଜେଲିଜାନ ଗୁରୁ, ପି-ଲୋକା ଗୁରୁ, ଗ୍ରା-ଭୁବନ ଟାଉନ ବୈକୁଣ୍ଠପାଟଣା
	ଭୁବନ ମୁଣ୍ଡପାଟଣା	୨୬୫/୩୦୪	ବେସରକାରୀ	ଶାରଦ -୩	୦.୦୫୦	କଦମ୍ବିନୀ ଗୋଛିତ ମହାପାତ୍ର, ପି-ଅକ୍ଷୟ ସାହୁ ମହାପାତ୍ର, ଗ୍ରା-ଭୁବନ ଦୁର୍ଗାପାଟଣା
	ଭୁବନ ମୁଣ୍ଡପାଟଣା	୨୬୬/୩୦୫	ବେସରକାରୀ	ଶାରଦ -୩	୦.୦୬୦	କଦମ୍ବିନୀ ଗୋଛିତ ମହାପାତ୍ର, ପି-ଅକ୍ଷୟ ସାହୁ ମହାପାତ୍ର, ଗ୍ରା-ଭୁବନ ଦୁର୍ଗାପାଟଣା
	ଭୁବନ ମୁଣ୍ଡପାଟଣା	୨୯୨	ବେସରକାରୀ	ଶାରଦ -୨	୦.୦୫୦	ରଘୁନାଥ ବେହେରା, ପି-ପଦନ ବେହେରା, ଗ୍ରା-ଭୁବନ ରିଙ୍ଗରୋଡପାଟଣା
	ଭୁବନ ମୁଣ୍ଡପାଟଣା	୨୯୩	ବେସରକାରୀ	ଶାରଦ -୨	୦.୦୫୦	ବିଦ୍ୟାଧର ବେହେରା, ମିଶ୍ରା ବେହେରା, ପଦ୍ମନାଭ ବେହେରା, ବିରେନ୍ଦ୍ର ବେହେରା, ଗ୍ରା-ଭୁବନ ରିଙ୍ଗରୋଡପାଟଣା
	ଭୁବନ ମୁଣ୍ଡପାଟଣା	୨୯୬	ବେସରକାରୀ	ଶାରଦ -୨	୦.୫୭୫	ନବ ଦାସ, ଅର୍ଜୁନ ଦାସ, କଳାଧର ଦାସ, ପି-ମଧୁ ଦାସ, ରଘୁନାଥ ଦାସ, ସୁଦର୍ଶନ ଦାସ, ସୁବାସ ବେହେରା, ପି-ବଳରାମ ଦାସ, ଗ୍ରା-ଭୁବନ ରିଙ୍ଗରୋଡପାଟଣା
	ଭୁବନ ମୁଣ୍ଡପାଟଣା	୨୯୮	ବେସରକାରୀ	ଶାରଦ -୨	୦.୨୫୦	ବୈଦ୍ୟନାଥ କୁମାର ଦାସ, ପି-କାଙ୍ଗାଳି ଦାସ, ଗ୍ରା-ଭୁବନ ରିଙ୍ଗରୋଡପାଟଣା
see next page ...
